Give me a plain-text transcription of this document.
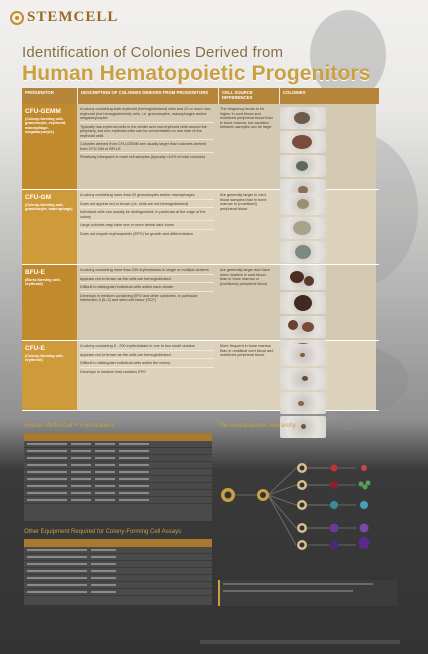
STEMCELL
Identification of Colonies Derived from
Human Hematopoietic Progenitors
PROGENITOR	DESCRIPTION OF COLONIES DERIVED FROM PROGENITORS	CELL SOURCE DIFFERENCES
COLONIES
CFU-GEMM
(Colony-forming unit-granulocyte, erythroid, macrophage, megakaryocyte)
A colony containing both erythroid (hemoglobinized) cells and 20 or more non-erythroid (not hemoglobinized) cells, i.e. granulocytes, macrophages and/or megakaryocytes
Typically has erythroid cells in the center and non-erythroid cells around the periphery, but non-erythroid cells can be concentrated on one side of the erythroid cells
Colonies derived from CFU-GEMM are usually larger than colonies derived from CFU-GM or BFU-E
Relatively infrequent in most cell samples (typically <10% of total colonies)
The frequency tends to be higher in cord blood and mobilized peripheral blood than in bone marrow, but variation between samples can be large
CFU-GM
(Colony-forming unit-granulocyte, macrophage)
A colony containing more than 20 granulocytes and/or macrophages
Does not appear red or brown (i.e. cells are not hemoglobinized)
Individual cells can usually be distinguished, in particular at the edge of the colony
Large colonies may have one or more dense dark cores
Does not require erythropoietin (EPO) for growth and differentiation
Are generally larger in cord blood samples than in bone marrow or (mobilized) peripheral blood
BFU-E
(Burst-forming unit-erythroid)
A colony containing more than 200 erythroblasts in single or multiple clusters
Appears red or brown as the cells are hemoglobinized
Difficult to distinguish individual cells within each cluster
Develops in medium containing EPO and other cytokines, in particular interleukin-3 (IL-3) and stem cell factor (SCF)
Are generally larger and have more clusters in cord blood than in bone marrow or (mobilized) peripheral blood
CFU-E
(Colony-forming unit-erythroid)
A colony containing 8 - 200 erythroblasts in one to two small clusters
Appears red or brown as the cells are hemoglobinized
Difficult to distinguish individual cells within the colony
Develops in medium that contains EPO
More frequent in bone marrow than in umbilical cord blood and mobilized peripheral blood
Human MethoCult™ Formulations
Other Equipment Required for Colony-Forming Cell Assays
The Hematopoietic Hierarchy
